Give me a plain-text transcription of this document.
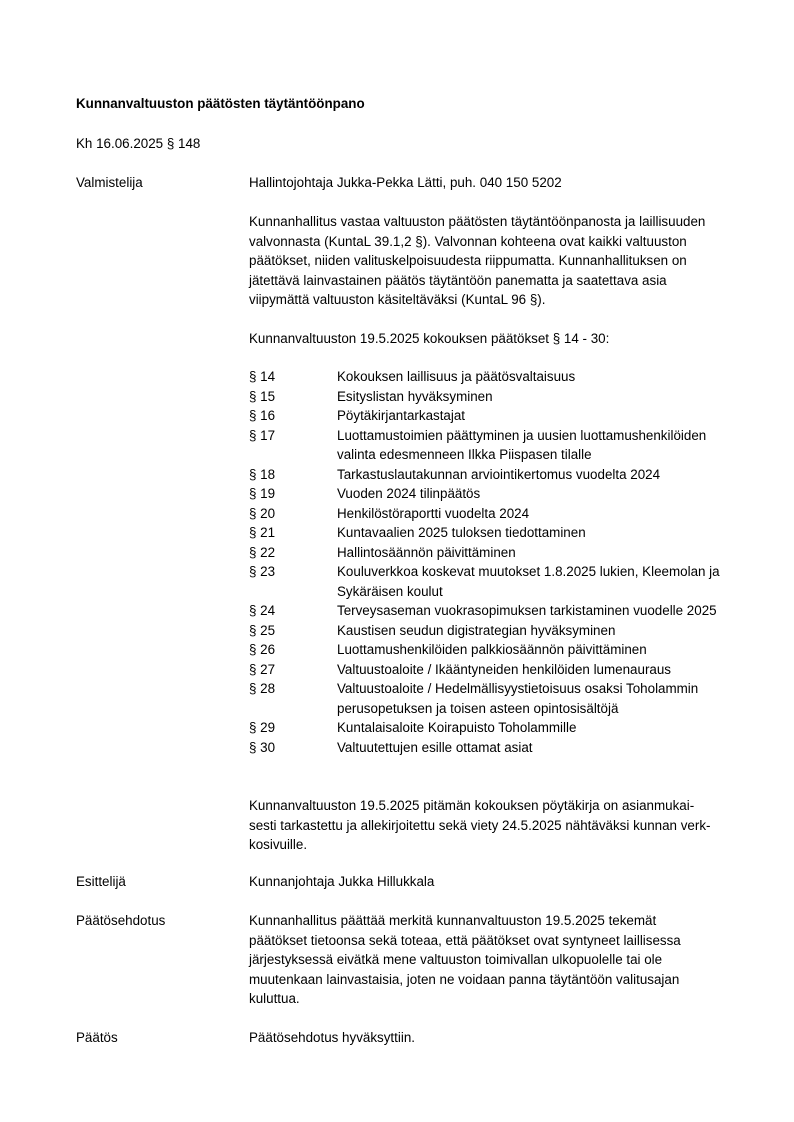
Kunnanvaltuuston päätösten täytäntöönpano
Kh 16.06.2025 § 148
Valmistelija	Hallintojohtaja Jukka-Pekka Lätti, puh. 040 150 5202

Kunnanhallitus vastaa valtuuston päätösten täytäntöönpanosta ja laillisuuden

valvonnasta (KuntaL 39.1,2 §). Valvonnan kohteena ovat kaikki valtuuston

päätökset, niiden valituskelpoisuudesta riippumatta. Kunnanhallituksen on

jätettävä lainvastainen päätös täytäntöön panematta ja saatettava asia

viipymättä valtuuston käsiteltäväksi (KuntaL 96 §).

Kunnanvaltuuston 19.5.2025 kokouksen päätökset § 14 - 30:
§ 14	Kokouksen laillisuus ja päätösvaltaisuus
§ 15	Esityslistan hyväksyminen
§ 16	Pöytäkirjantarkastajat
§ 17	Luottamustoimien päättyminen ja uusien luottamushenkilöiden
valinta edesmenneen Ilkka Piispasen tilalle
§ 18	Tarkastuslautakunnan arviointikertomus vuodelta 2024
§ 19	Vuoden 2024 tilinpäätös
§ 20	Henkilöstöraportti vuodelta 2024
§ 21	Kuntavaalien 2025 tuloksen tiedottaminen
§ 22	Hallintosäännön päivittäminen
§ 23	Kouluverkkoa koskevat muutokset 1.8.2025 lukien, Kleemolan ja
Sykäräisen koulut
§ 24	Terveysaseman vuokrasopimuksen tarkistaminen vuodelle 2025
§ 25	Kaustisen seudun digistrategian hyväksyminen
§ 26	Luottamushenkilöiden palkkiosäännön päivittäminen
§ 27	Valtuustoaloite / Ikääntyneiden henkilöiden lumenauraus
§ 28	Valtuustoaloite / Hedelmällisyystietoisuus osaksi Toholammin
perusopetuksen ja toisen asteen opintosisältöjä
§ 29	Kuntalaisaloite Koirapuisto Toholammille
§ 30	Valtuutettujen esille ottamat asiat

Kunnanvaltuuston 19.5.2025 pitämän kokouksen pöytäkirja on asianmukai-

sesti tarkastettu ja allekirjoitettu sekä viety 24.5.2025 nähtäväksi kunnan verk-

kosivuille.

Esittelijä	Kunnanjohtaja Jukka Hillukkala
Päätösehdotus	Kunnanhallitus päättää merkitä kunnanvaltuuston 19.5.2025 tekemät

päätökset tietoonsa sekä toteaa, että päätökset ovat syntyneet laillisessa

järjestyksessä eivätkä mene valtuuston toimivallan ulkopuolelle tai ole

muutenkaan lainvastaisia, joten ne voidaan panna täytäntöön valitusajan

kuluttua.

Päätös	Päätösehdotus hyväksyttiin.
